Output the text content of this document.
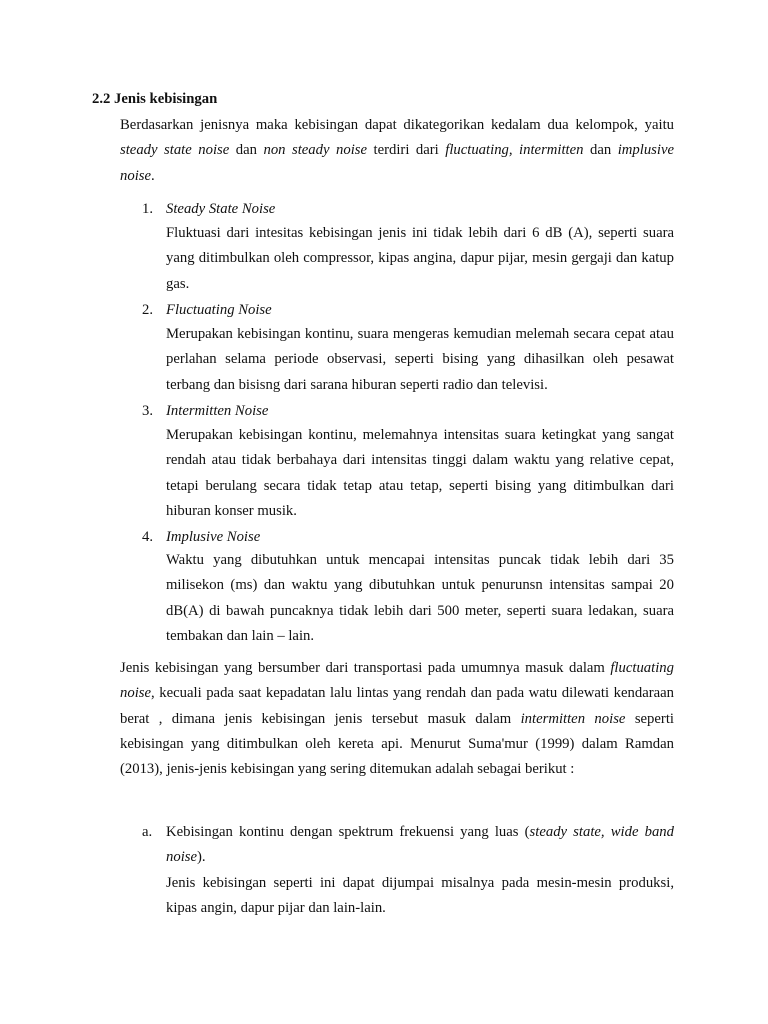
2.2 Jenis kebisingan
Berdasarkan jenisnya maka kebisingan dapat dikategorikan kedalam dua kelompok, yaitu steady state noise dan non steady noise terdiri dari fluctuating, intermitten dan implusive noise.
1. Steady State Noise
Fluktuasi dari intesitas kebisingan jenis ini tidak lebih dari 6 dB (A), seperti suara yang ditimbulkan oleh compressor, kipas angina, dapur pijar, mesin gergaji dan katup gas.
2. Fluctuating Noise
Merupakan kebisingan kontinu, suara mengeras kemudian melemah secara cepat atau perlahan selama periode observasi, seperti bising yang dihasilkan oleh pesawat terbang dan bisisng dari sarana hiburan seperti radio dan televisi.
3. Intermitten Noise
Merupakan kebisingan kontinu, melemahnya intensitas suara ketingkat yang sangat rendah atau tidak berbahaya dari intensitas tinggi dalam waktu yang relative cepat, tetapi berulang secara tidak tetap atau tetap, seperti bising yang ditimbulkan dari hiburan konser musik.
4. Implusive Noise
Waktu yang dibutuhkan untuk mencapai intensitas puncak tidak lebih dari 35 milisekon (ms) dan waktu yang dibutuhkan untuk penurunsn intensitas sampai 20 dB(A) di bawah puncaknya tidak lebih dari 500 meter, seperti suara ledakan, suara tembakan dan lain – lain.
Jenis kebisingan yang bersumber dari transportasi pada umumnya masuk dalam fluctuating noise, kecuali pada saat kepadatan lalu lintas yang rendah dan pada watu dilewati kendaraan berat , dimana jenis kebisingan jenis tersebut masuk dalam intermitten noise seperti kebisingan yang ditimbulkan oleh kereta api. Menurut Suma'mur (1999) dalam Ramdan (2013), jenis-jenis kebisingan yang sering ditemukan adalah sebagai berikut :
a. Kebisingan kontinu dengan spektrum frekuensi yang luas (steady state, wide band noise).

Jenis kebisingan seperti ini dapat dijumpai misalnya pada mesin-mesin produksi, kipas angin, dapur pijar dan lain-lain.
